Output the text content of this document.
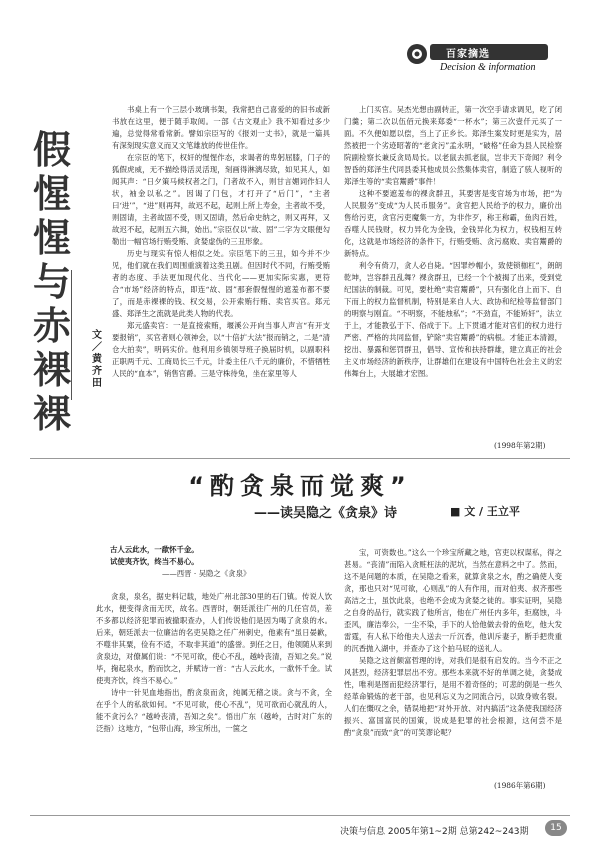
百家摘选
Decision & information
假
惺
惺
与
赤
裸
裸
文
／
黄
齐
田

书桌上有一个三层小玻璃书架，我常把自己喜爱的的旧书或新书放在这里，便于随手取阅。一部《古文观止》我不知看过多少遍，总觉得常看常新。譬如宗臣写的《报刘一丈书》，就是一篇具有深刻现实意义而又文笔雄放的传世佳作。

在宗臣的笔下，权奸的惺惺作态，求谒者的卑躬屈膝，门子的狐假虎威，无不描绘得活灵活现，刻画得淋漓尽致，如见其人，如闻其声：“日夕策马候权者之门，门者故不入，则甘言媚词作妇人状，袖金以私之”。因谒了门包，才打开了“后门”，“主者曰‘进’”，“进”则再拜，故迟不起，起则上所上寿金，主者故不受，则固请，主者故固不受，则又固请，然后命史纳之，则又再拜，又故迟不起，起则五六揖，始出。”宗臣仅以“故、固”二字为文眼便勾勒出一幅官场行贿受贿、贪婪虚伪的三丑形象。

历史与现实有惊人相似之处。宗臣笔下的三丑，如今并不少见，他们就在我们周围重演着这类丑剧。但因时代不同，行贿受贿者的态度、手法更加现代化、当代化——更加实际实惠，更符合“市场”经济的特点，即连“故、固”那套假惺惺的遮羞布都不要了，而是赤裸裸的钱、权交易，公开索贿行贿、卖官买官。郑元盛、郑泽生之流就是此类人物的代表。

郑元盛卖官：一是直接索贿，堰溪公开向当事人声言“有开支要报销”，买官者则心领神会，以“十倍扩大法”报而销之，二是“清仓大拍卖”，明码实价。他利用乡镇领导班子换届时机，以副职科正职两千元、工商局长三千元，计委主任八千元的廉价，不惜牺牲人民的“血本”，销售官爵。三是守株待兔，坐在家里等人

上门买官。吴杰光想由副转正，第一次空手请求调见，吃了闭门羹；第二次以伍佰元换来郑委“一杯水”；第三次壹仟元买了一面。不久便如愿以偿，当上了正乡长。郑泽生案发时更是实为，居然被把一个劣迹昭著的“老贪污”孟永明，“破格”任命为县人民检察院副检察长兼反贪局局长。以老鼠去抓老鼠，岂非天下奇闻？利令智昏的郑泽生代同县委其他成员公然集体卖官，制造了骇人视听的郑泽生等的“卖官鬻爵”事件！

这种不要遮羞布的裸贪群丑，其要害是变官场为市场，把“为人民服务”变成“为人民币服务”。贪官把人民给予的权力，廉价出售给污吏，贪官污吏魔集一方，为非作歹，称王称霸，鱼肉百姓，吞噬人民钱财，权力异化为金钱，金钱异化为权力，权钱相互转化，这就是市场经济的条件下，行贿受贿、贪污腐败、卖官鬻爵的新特点。

利令有倚刀，贪人必自毙。“因罪纱帽小，致使锁枷杠”，朗朗乾坤，岂容群丑乱舞？裸贪群丑，已经一个个被揭了出来，受到党纪国法的制裁。可见，要杜绝“卖官鬻爵”，只有强化自上而下、自下而上的权力监督机制，特别是来自人大、政协和纪检等监督部门的明察与刚直。“不明察，不能烛私”；“不劲直，不能矫奸”，法立于上，才能教弘于下、俗成于下。上下贯通才能对官们的权力进行严密、严格的共同监督，铲除“卖官鬻爵”的病根。才能正本清源，挖出、暴露和惩罚群丑，倡导、宣传和扶持群雄，建立真正的社会主义市场经济的新秩序，让群雄们在建设有中国特色社会主义的宏伟舞台上，大展雄才宏图。

(1998年第2期)
“酌贪泉而觉爽”
——读吴隐之《贪泉》诗	■ 文 / 王立平
古人云此水，一歃怀千金。
试使夷齐饮，终当不易心。
——西晋 · 吴隐之《贪泉》

贪泉，泉名，据史料记载，地处广州北部30里的石门镇。传说人饮此水，便变得贪而无厌，故名。西晋时，朝廷派往广州的几任官员，差不多都以经济犯罪而被撤职查办，人们传说他们是因为喝了贪泉的水。后来，朝廷派去一位廉洁的名吏吴隐之任广州刺史，他素有“虽日晏歉，不噬非其粟，俭有不适，不取非其道”的盛誉。到任之日，他领随从来到贪泉边，对僚属们说：“不见可欲，使心不乱，越岭丧清，吾知之矣。”说毕，掬起泉水，酌而饮之，并赋诗一首：“古人云此水，一歃怀千金。试使夷齐饮，终当不易心。”

诗中一针见血地指出，酌贪泉而贪，纯属无稽之谈。贪与不贪，全在乎个人的私欲如何。“不见可欲，使心不乱”，见可欲而心就乱的人，能不贪污么？“越岭丧清，吾知之矣”。悟出广东（越岭，古时对广东的泛指）这地方，“包带山海，珍宝所出，一箧之

宝，可资数也。”这么一个珍宝所藏之地，官吏以权谋私，得之甚易。“丧清”而陷入贪赃枉法的泥坑，当然在意料之中了。然而，这不是问题的本质，在吴隐之看来，就算贪泉之水，酌之确使人变贪，那也只对“见可欲，心则乱”的人有作用，而对伯夷、叔齐那些高洁之士，虽饮此泉，也绝不会成为贪婪之徒的。事实证明，吴隐之自身的品行，就实践了他所言，他在广州任内多年，拒腐蚀，斗歪风，廉洁奉公，一尘不染，手下的人恰他做去骨的鱼吃，他大发雷霆，有人私下给他夫人送去一斤沉香，他训斥妻子，断手把贵重的沉香抛入湖中，并查办了这个拍马屁的送礼人。

吴隐之这首颇富哲理的诗，对我们是很有启发的。当今不正之风甚烈，经济犯罪层出不穷。那些本来就不好的单调之徒，贪婪成性，唯利是图而犯经济罪行，是用不着奇怪的；可悲的倒是一些久经革命锻炼的老干部，也见利忘义为之同流合污，以致身败名裂。人们在慨叹之余，错误地把“对外开放、对内搞活”这条使我国经济振兴、富国富民的国策，说成是犯罪的社会根源，这何尝不是酌“贪泉”而致“贪”的可笑谬论呢？

(1986年第6期)
决策与信息 2005年第1~2期 总第242~243期	15
